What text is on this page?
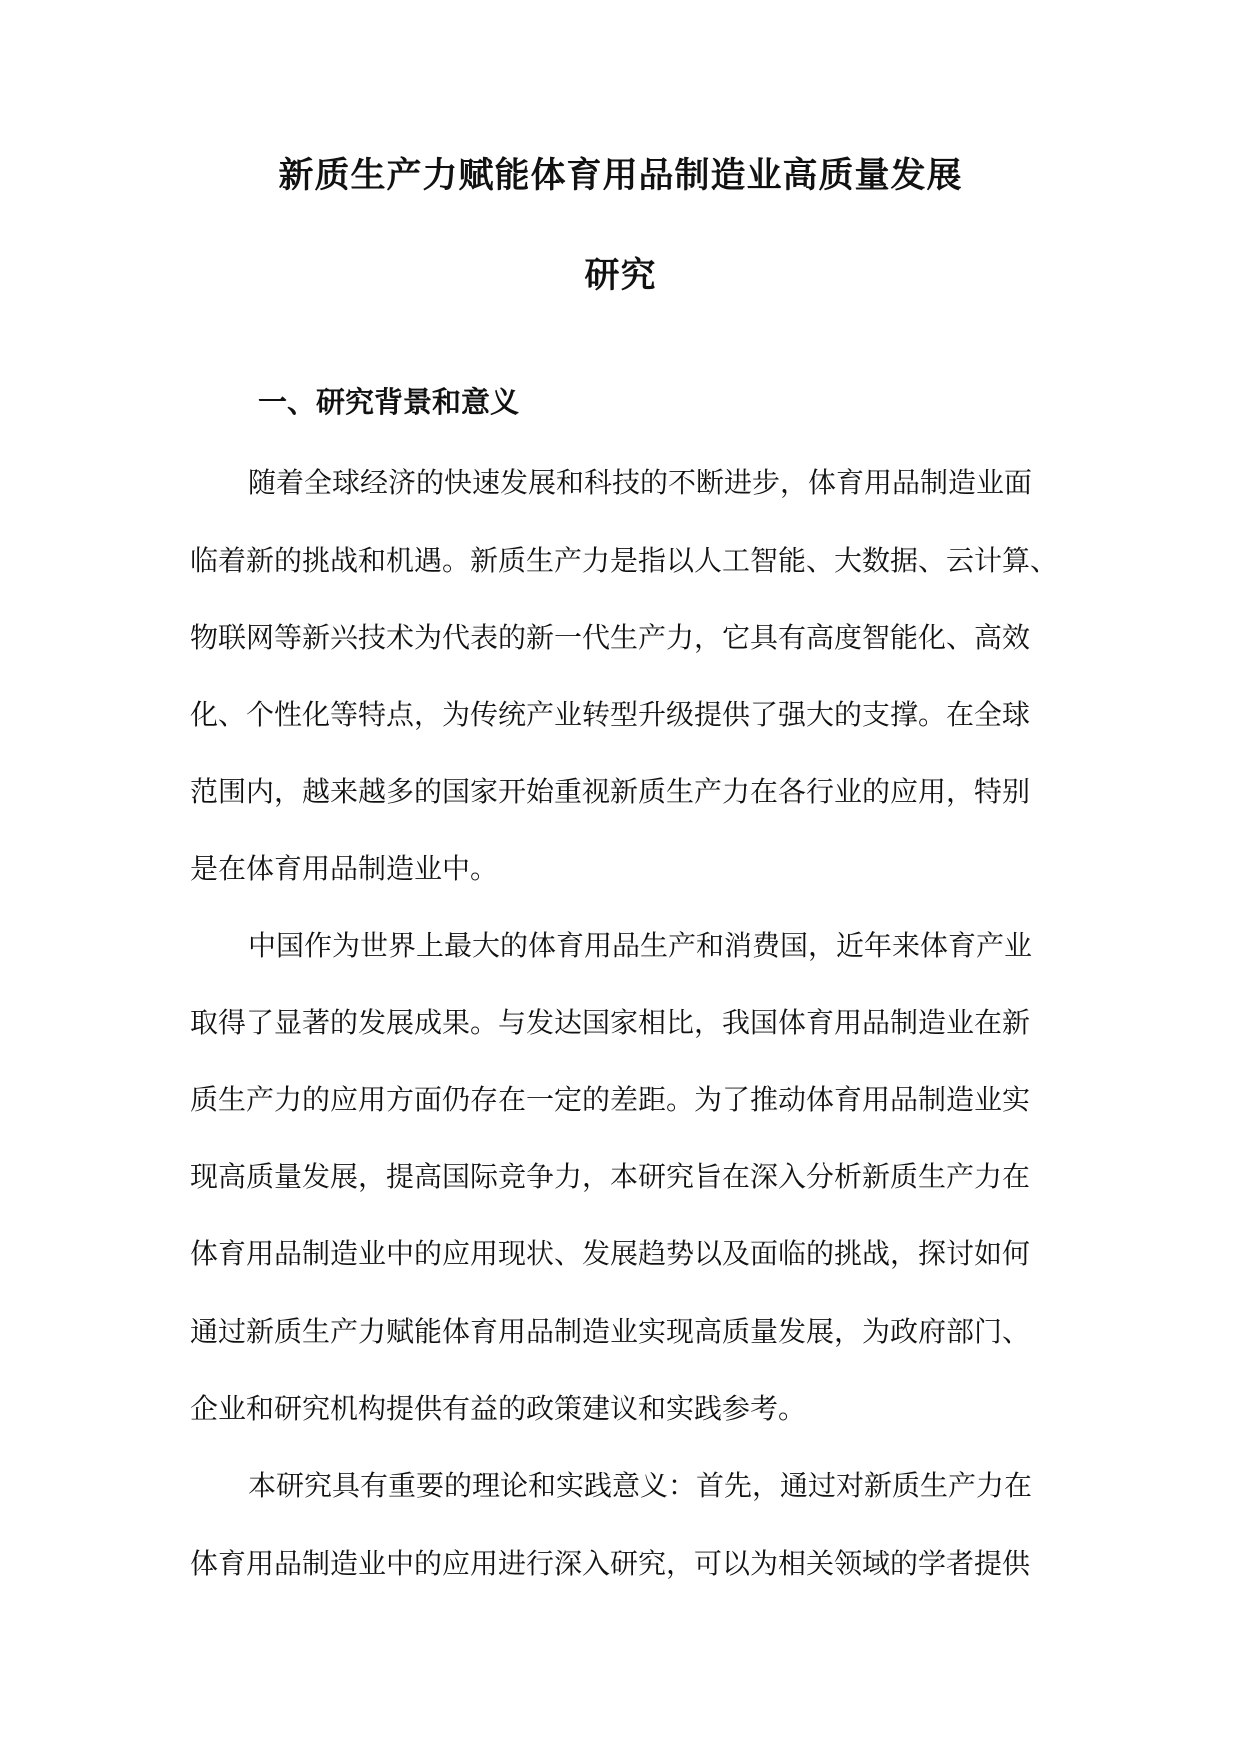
新质生产力赋能体育用品制造业高质量发展
研究
一、研究背景和意义

随着全球经济的快速发展和科技的不断进步，体育用品制造业面

临着新的挑战和机遇。新质生产力是指以人工智能、大数据、云计算、

物联网等新兴技术为代表的新一代生产力，它具有高度智能化、高效

化、个性化等特点，为传统产业转型升级提供了强大的支撑。在全球

范围内，越来越多的国家开始重视新质生产力在各行业的应用，特别

是在体育用品制造业中。

中国作为世界上最大的体育用品生产和消费国，近年来体育产业

取得了显著的发展成果。与发达国家相比，我国体育用品制造业在新

质生产力的应用方面仍存在一定的差距。为了推动体育用品制造业实

现高质量发展，提高国际竞争力，本研究旨在深入分析新质生产力在

体育用品制造业中的应用现状、发展趋势以及面临的挑战，探讨如何

通过新质生产力赋能体育用品制造业实现高质量发展，为政府部门、

企业和研究机构提供有益的政策建议和实践参考。

本研究具有重要的理论和实践意义：首先，通过对新质生产力在

体育用品制造业中的应用进行深入研究，可以为相关领域的学者提供
